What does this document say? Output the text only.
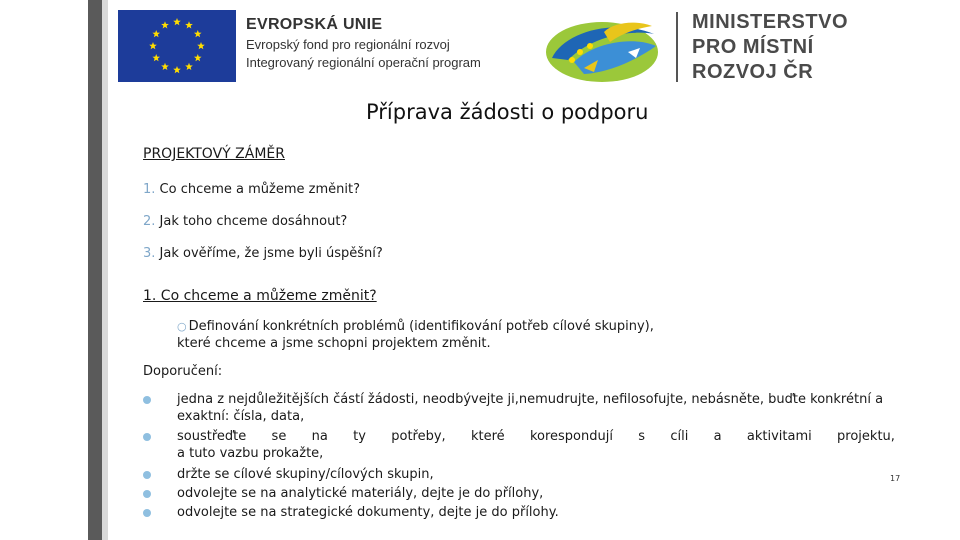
EVROPSKÁ UNIE
Evropský fond pro regionální rozvoj
Integrovaný regionální operační program
MINISTERSTVO
PRO MÍSTNÍ
ROZVOJ ČR
Příprava žádosti o podporu
PROJEKTOVÝ ZÁMĚR
1. Co chceme a můžeme změnit?
2. Jak toho chceme dosáhnout?
3. Jak ověříme, že jsme byli úspěšní?
1. Co chceme a můžeme změnit?
○ Definování konkrétních problémů (identifikování potřeb cílové skupiny),
které chceme a jsme schopni projektem změnit.
Doporučení:
jedna z nejdůležitějších částí žádosti, neodbývejte ji,nemudrujte, nefilosofujte, nebásněte, buďte konkrétní a
exaktní: čísla, data,
soustřeďte se na ty potřeby, které korespondují s cíli a aktivitami projektu,
a tuto vazbu prokažte,
držte se cílové skupiny/cílových skupin,
odvolejte se na analytické materiály, dejte je do přílohy,
odvolejte se na strategické dokumenty, dejte je do přílohy.
17
